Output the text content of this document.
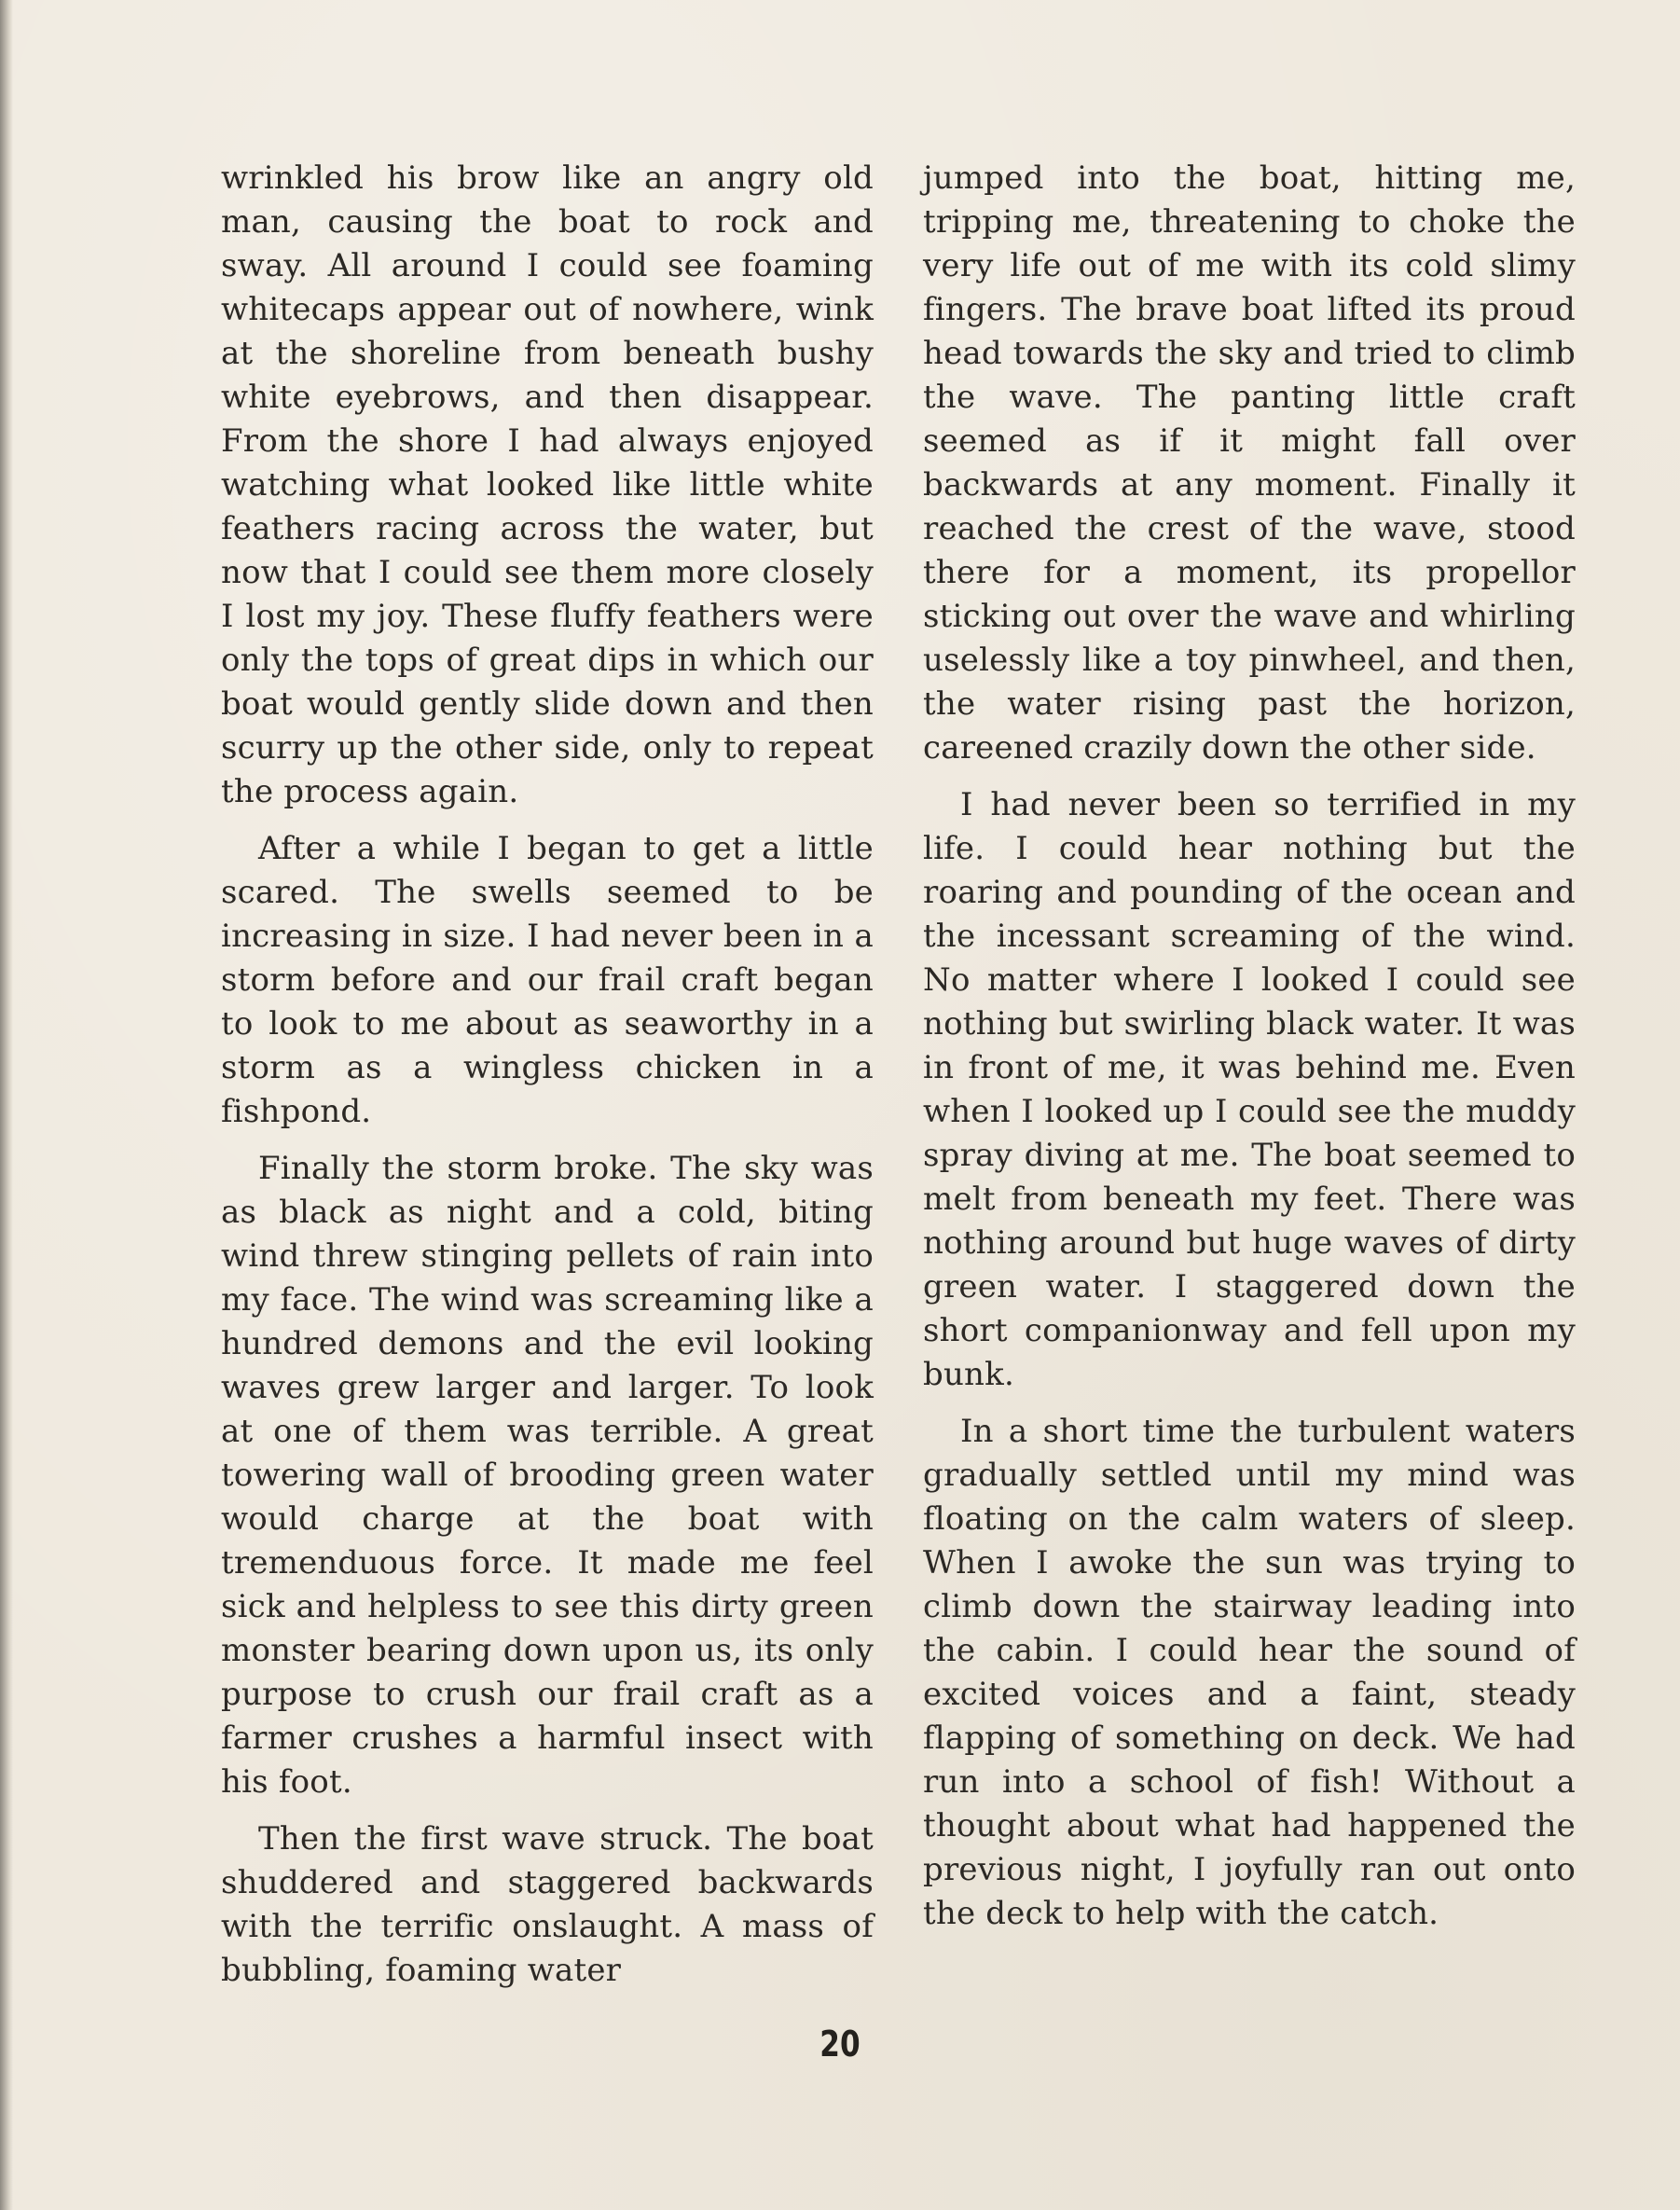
wrinkled his brow like an angry old man, causing the boat to rock and sway. All around I could see foaming whitecaps appear out of nowhere, wink at the shoreline from beneath bushy white eyebrows, and then disappear. From the shore I had always enjoyed watching what looked like little white feathers racing across the water, but now that I could see them more closely I lost my joy. These fluffy feathers were only the tops of great dips in which our boat would gently slide down and then scurry up the other side, only to repeat the process again.

After a while I began to get a little scared. The swells seemed to be increasing in size. I had never been in a storm before and our frail craft began to look to me about as seaworthy in a storm as a wingless chicken in a fishpond.

Finally the storm broke. The sky was as black as night and a cold, biting wind threw stinging pellets of rain into my face. The wind was screaming like a hundred demons and the evil looking waves grew larger and larger. To look at one of them was terrible. A great towering wall of brooding green water would charge at the boat with tremenduous force. It made me feel sick and helpless to see this dirty green monster bearing down upon us, its only purpose to crush our frail craft as a farmer crushes a harmful insect with his foot.

Then the first wave struck. The boat shuddered and staggered backwards with the terrific onslaught. A mass of bubbling, foaming water

jumped into the boat, hitting me, tripping me, threatening to choke the very life out of me with its cold slimy fingers. The brave boat lifted its proud head towards the sky and tried to climb the wave. The panting little craft seemed as if it might fall over backwards at any moment. Finally it reached the crest of the wave, stood there for a moment, its propellor sticking out over the wave and whirling uselessly like a toy pinwheel, and then, the water rising past the horizon, careened crazily down the other side.

I had never been so terrified in my life. I could hear nothing but the roaring and pounding of the ocean and the incessant screaming of the wind. No matter where I looked I could see nothing but swirling black water. It was in front of me, it was behind me. Even when I looked up I could see the muddy spray diving at me. The boat seemed to melt from beneath my feet. There was nothing around but huge waves of dirty green water. I staggered down the short companionway and fell upon my bunk.

In a short time the turbulent waters gradually settled until my mind was floating on the calm waters of sleep. When I awoke the sun was trying to climb down the stairway leading into the cabin. I could hear the sound of excited voices and a faint, steady flapping of something on deck. We had run into a school of fish! Without a thought about what had happened the previous night, I joyfully ran out onto the deck to help with the catch.

20
